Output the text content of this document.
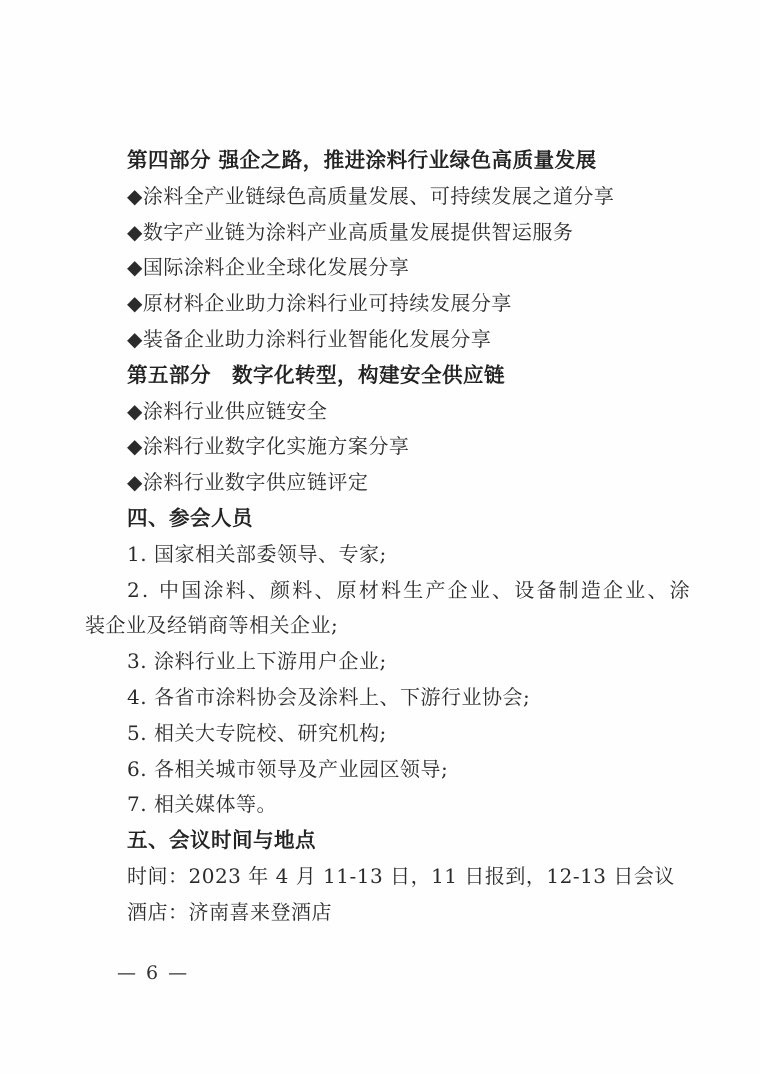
第四部分 强企之路，推进涂料行业绿色高质量发展
◆涂料全产业链绿色高质量发展、可持续发展之道分享
◆数字产业链为涂料产业高质量发展提供智运服务
◆国际涂料企业全球化发展分享
◆原材料企业助力涂料行业可持续发展分享
◆装备企业助力涂料行业智能化发展分享
第五部分　数字化转型，构建安全供应链
◆涂料行业供应链安全
◆涂料行业数字化实施方案分享
◆涂料行业数字供应链评定
四、参会人员
1. 国家相关部委领导、专家;
2. 中国涂料、颜料、原材料生产企业、设备制造企业、涂
装企业及经销商等相关企业;
3. 涂料行业上下游用户企业;
4. 各省市涂料协会及涂料上、下游行业协会;
5. 相关大专院校、研究机构;
6. 各相关城市领导及产业园区领导;
7. 相关媒体等。
五、会议时间与地点
时间：2023 年 4 月 11-13 日，11 日报到，12-13 日会议
酒店：济南喜来登酒店
— 6 —
